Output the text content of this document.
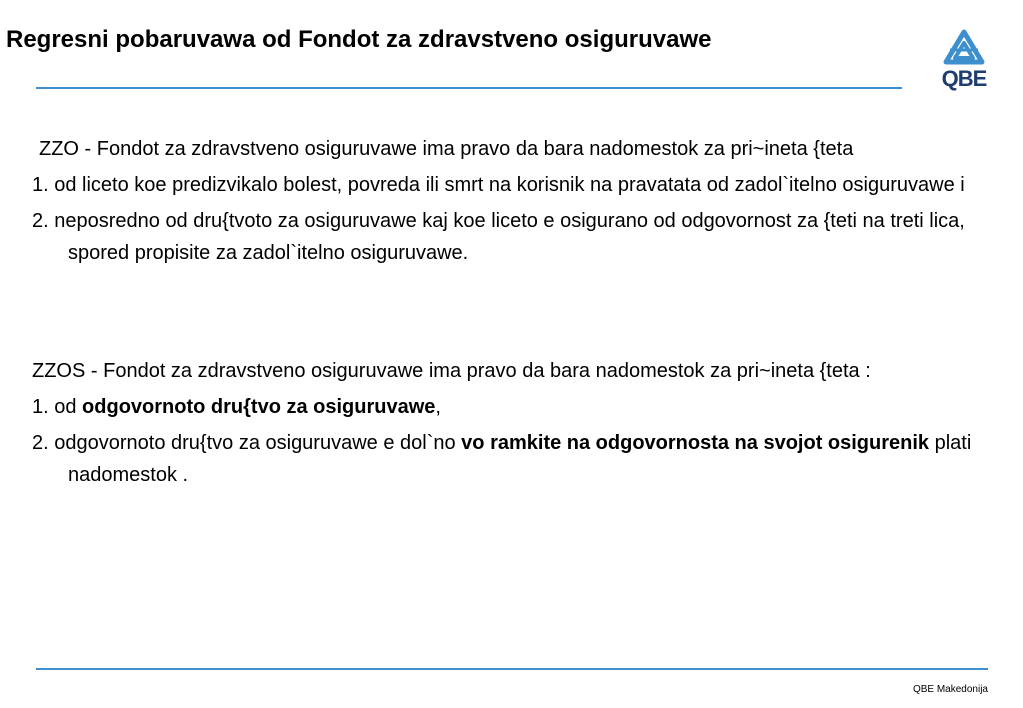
Regresni pobaruvawa od Fondot za zdravstveno osiguruvawe
QBE

ZZO - Fondot za zdravstveno osiguruvawe ima pravo da bara nadomestok za pri~ineta {teta

1. od liceto koe predizvikalo bolest, povreda ili smrt na korisnik na pravatata od zadol`itelno osiguruvawe i

2. neposredno od dru{tvoto za osiguruvawe kaj koe liceto e osigurano od odgovornost za {teti na treti lica, spored propisite za zadol`itelno osiguruvawe.

ZZOS - Fondot za zdravstveno osiguruvawe ima pravo da bara nadomestok za pri~ineta {teta :

1. od odgovornoto dru{tvo za osiguruvawe,

2. odgovornoto dru{tvo za osiguruvawe e dol`no vo ramkite na odgovornosta na svojot osigurenik plati nadomestok .

QBE Makedonija
